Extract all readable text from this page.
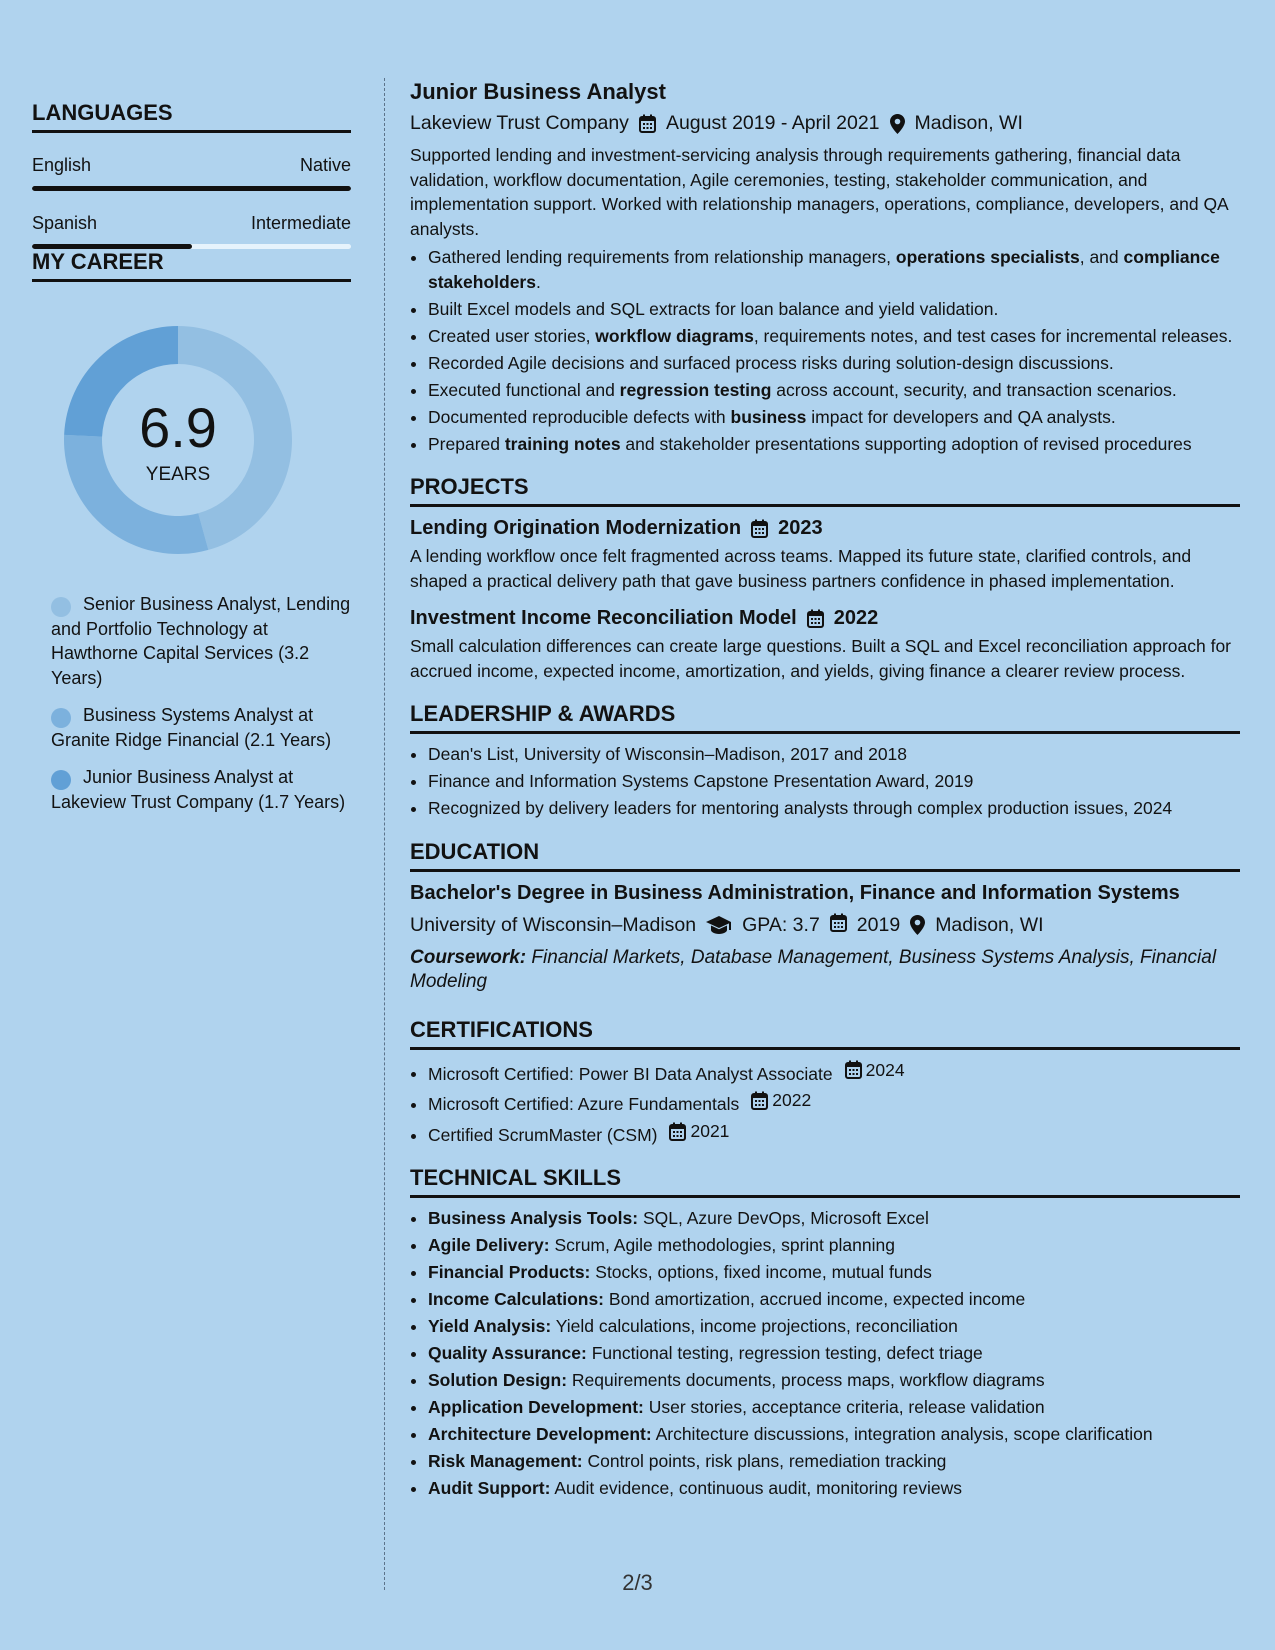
LANGUAGES
English	Native
Spanish	Intermediate
MY CAREER
6.9
YEARS
Senior Business Analyst, Lending and Portfolio Technology at Hawthorne Capital Services (3.2 Years)
Business Systems Analyst at Granite Ridge Financial (2.1 Years)
Junior Business Analyst at Lakeview Trust Company (1.7 Years)
Junior Business Analyst
Lakeview Trust Company August 2019 - April 2021 Madison, WI

Supported lending and investment-servicing analysis through requirements gathering, financial data validation, workflow documentation, Agile ceremonies, testing, stakeholder communication, and implementation support. Worked with relationship managers, operations, compliance, developers, and QA analysts.

• Gathered lending requirements from relationship managers, operations specialists, and compliance stakeholders.
• Built Excel models and SQL extracts for loan balance and yield validation.
• Created user stories, workflow diagrams, requirements notes, and test cases for incremental releases.
• Recorded Agile decisions and surfaced process risks during solution-design discussions.
• Executed functional and regression testing across account, security, and transaction scenarios.
• Documented reproducible defects with business impact for developers and QA analysts.
• Prepared training notes and stakeholder presentations supporting adoption of revised procedures
PROJECTS
Lending Origination Modernization 2023

A lending workflow once felt fragmented across teams. Mapped its future state, clarified controls, and shaped a practical delivery path that gave business partners confidence in phased implementation.

Investment Income Reconciliation Model 2022

Small calculation differences can create large questions. Built a SQL and Excel reconciliation approach for accrued income, expected income, amortization, and yields, giving finance a clearer review process.

LEADERSHIP & AWARDS
• Dean's List, University of Wisconsin–Madison, 2017 and 2018
• Finance and Information Systems Capstone Presentation Award, 2019
• Recognized by delivery leaders for mentoring analysts through complex production issues, 2024
EDUCATION
Bachelor's Degree in Business Administration, Finance and Information Systems
University of Wisconsin–Madison GPA: 3.7 2019 Madison, WI
Coursework: Financial Markets, Database Management, Business Systems Analysis, Financial Modeling
CERTIFICATIONS
• Microsoft Certified: Power BI Data Analyst Associate 2024
• Microsoft Certified: Azure Fundamentals 2022
• Certified ScrumMaster (CSM) 2021
TECHNICAL SKILLS
• Business Analysis Tools: SQL, Azure DevOps, Microsoft Excel
• Agile Delivery: Scrum, Agile methodologies, sprint planning
• Financial Products: Stocks, options, fixed income, mutual funds
• Income Calculations: Bond amortization, accrued income, expected income
• Yield Analysis: Yield calculations, income projections, reconciliation
• Quality Assurance: Functional testing, regression testing, defect triage
• Solution Design: Requirements documents, process maps, workflow diagrams
• Application Development: User stories, acceptance criteria, release validation
• Architecture Development: Architecture discussions, integration analysis, scope clarification
• Risk Management: Control points, risk plans, remediation tracking
• Audit Support: Audit evidence, continuous audit, monitoring reviews
2/3
